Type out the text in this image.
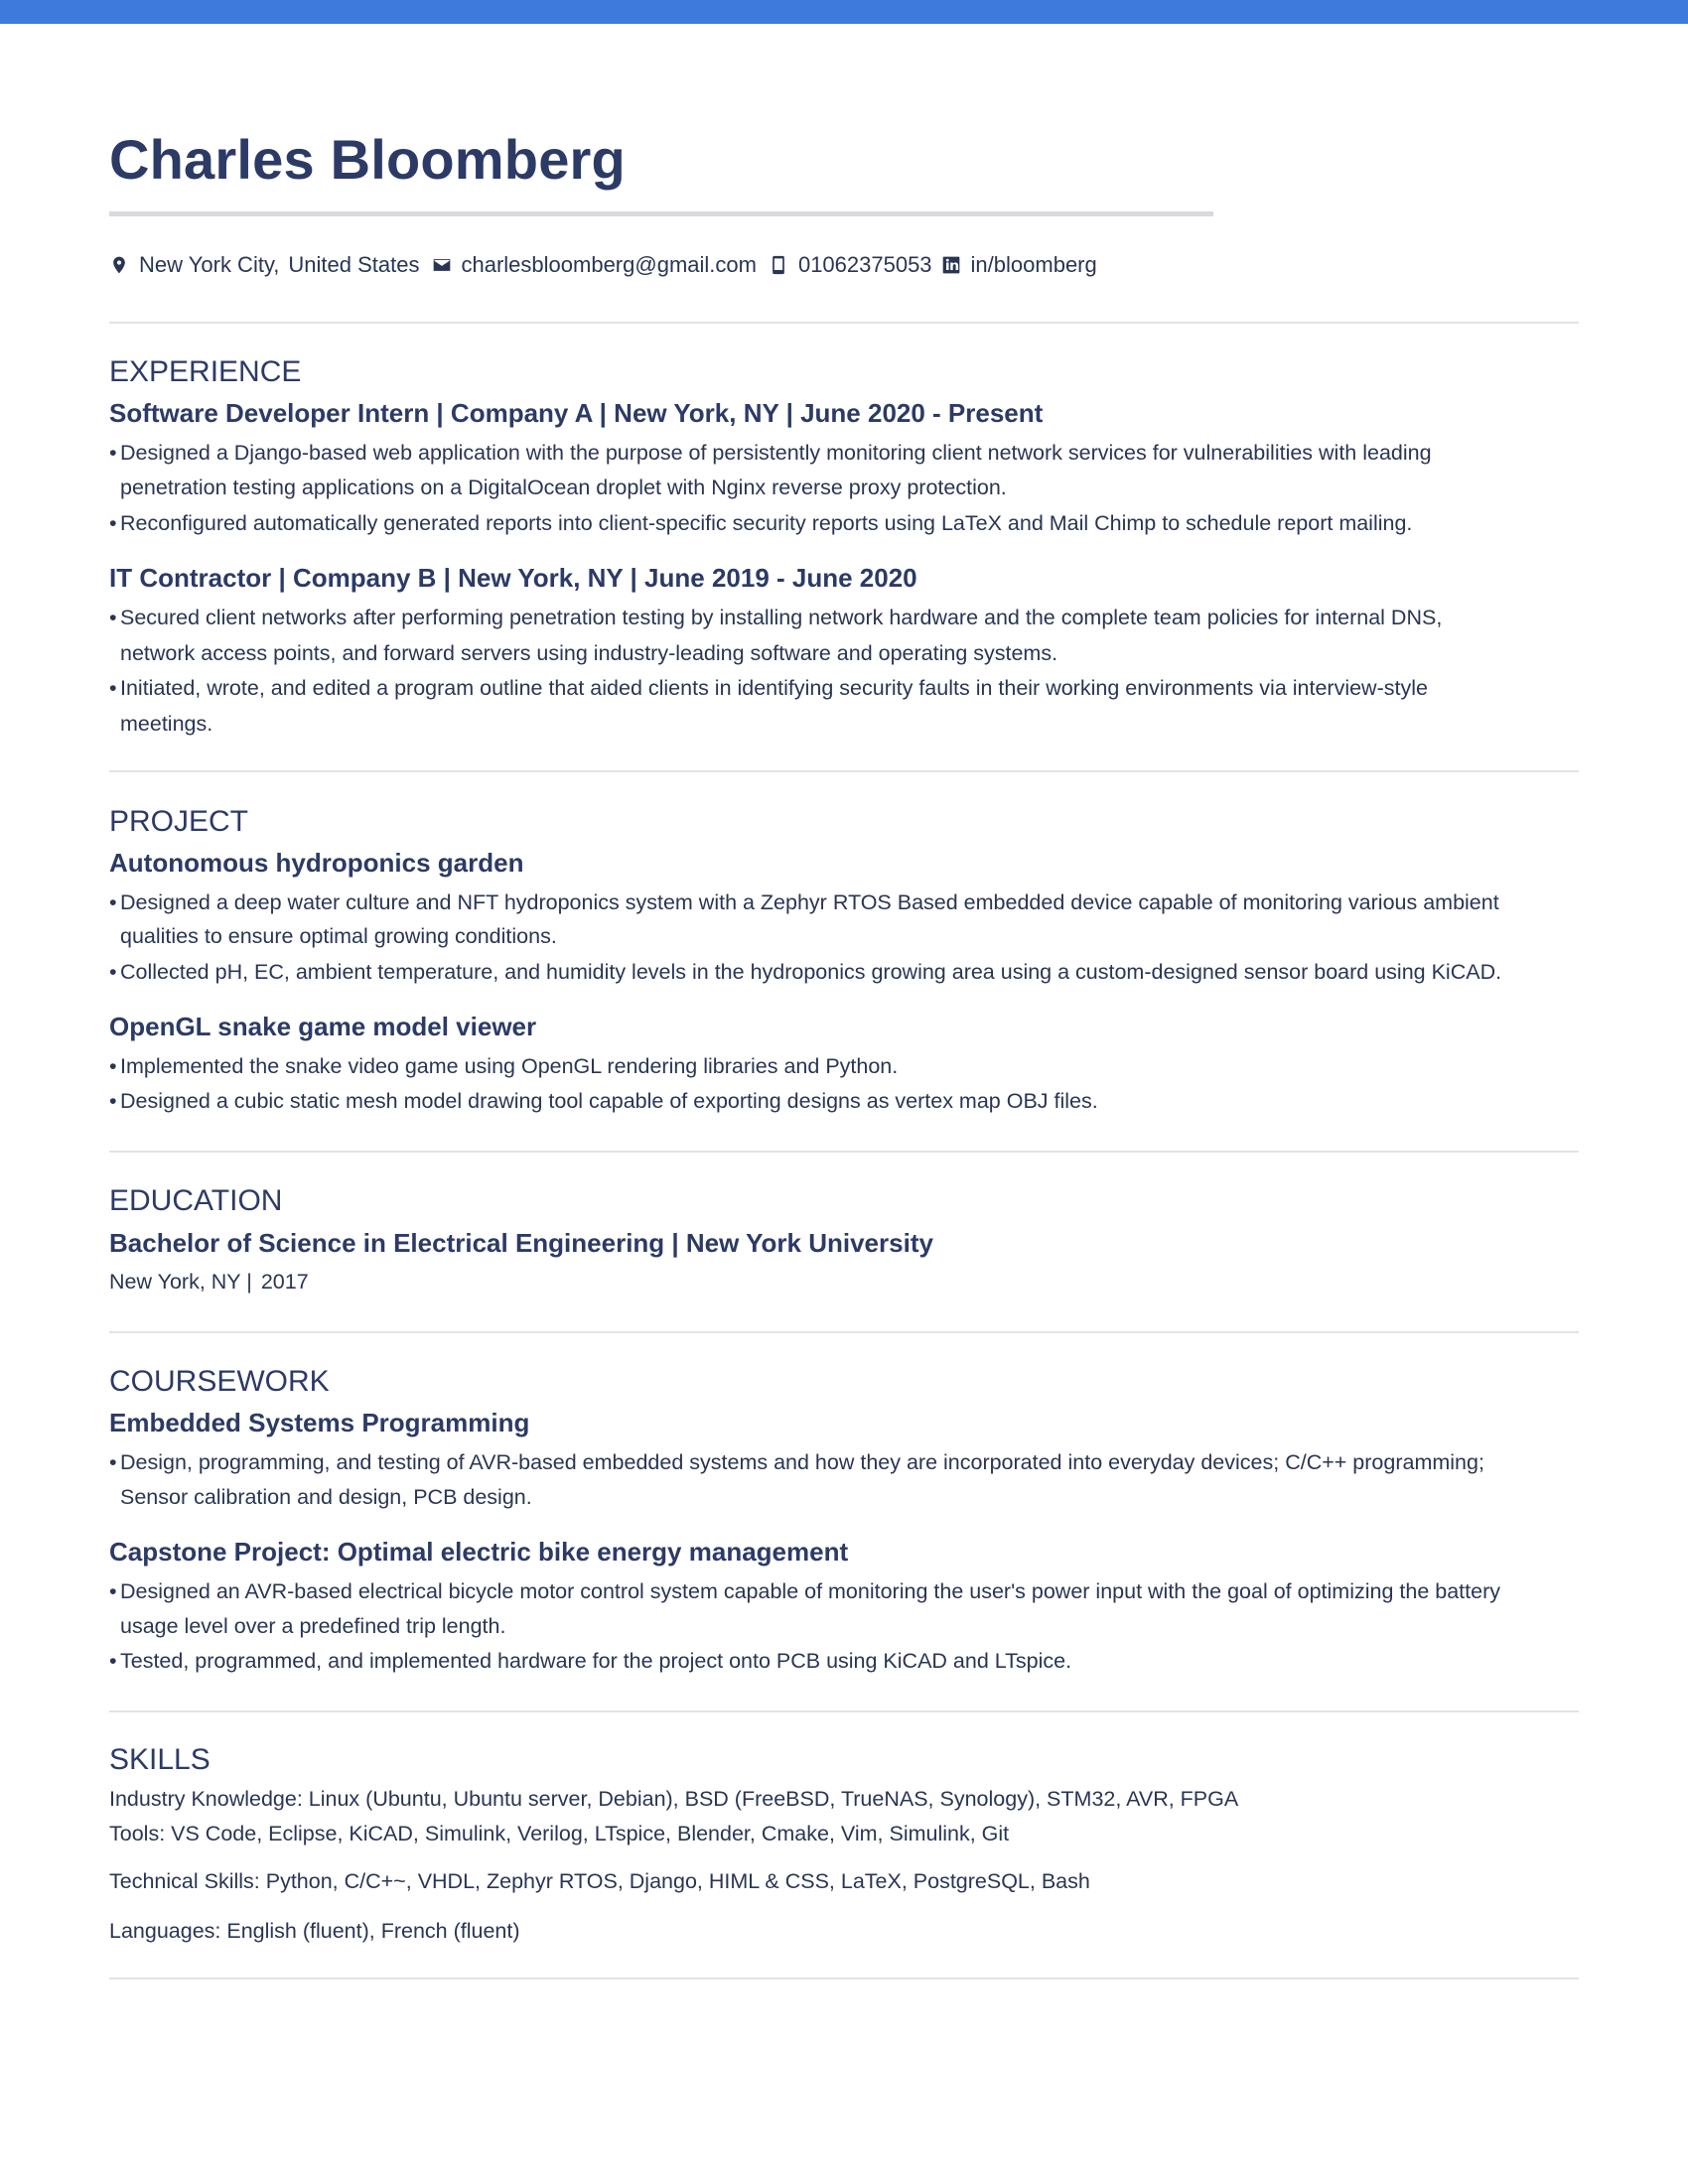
Charles Bloomberg
New York City, United States charlesbloomberg@gmail.com 01062375053 in/bloomberg
EXPERIENCE
Software Developer Intern | Company A | New York, NY | June 2020 - Present
• Designed a Django-based web application with the purpose of persistently monitoring client network services for vulnerabilities with leading
penetration testing applications on a DigitalOcean droplet with Nginx reverse proxy protection.
• Reconfigured automatically generated reports into client-specific security reports using LaTeX and Mail Chimp to schedule report mailing.
IT Contractor | Company B | New York, NY | June 2019 - June 2020
• Secured client networks after performing penetration testing by installing network hardware and the complete team policies for internal DNS,
network access points, and forward servers using industry-leading software and operating systems.
• Initiated, wrote, and edited a program outline that aided clients in identifying security faults in their working environments via interview-style
meetings.
PROJECT
Autonomous hydroponics garden
• Designed a deep water culture and NFT hydroponics system with a Zephyr RTOS Based embedded device capable of monitoring various ambient
qualities to ensure optimal growing conditions.
• Collected pH, EC, ambient temperature, and humidity levels in the hydroponics growing area using a custom-designed sensor board using KiCAD.
OpenGL snake game model viewer
• Implemented the snake video game using OpenGL rendering libraries and Python.
• Designed a cubic static mesh model drawing tool capable of exporting designs as vertex map OBJ files.
EDUCATION
Bachelor of Science in Electrical Engineering | New York University
New York, NY | 2017
COURSEWORK
Embedded Systems Programming
• Design, programming, and testing of AVR-based embedded systems and how they are incorporated into everyday devices; C/C++ programming;
Sensor calibration and design, PCB design.
Capstone Project: Optimal electric bike energy management
• Designed an AVR-based electrical bicycle motor control system capable of monitoring the user's power input with the goal of optimizing the battery
usage level over a predefined trip length.
• Tested, programmed, and implemented hardware for the project onto PCB using KiCAD and LTspice.
SKILLS
Industry Knowledge: Linux (Ubuntu, Ubuntu server, Debian), BSD (FreeBSD, TrueNAS, Synology), STM32, AVR, FPGA
Tools: VS Code, Eclipse, KiCAD, Simulink, Verilog, LTspice, Blender, Cmake, Vim, Simulink, Git
Technical Skills: Python, C/C+~, VHDL, Zephyr RTOS, Django, HIML & CSS, LaTeX, PostgreSQL, Bash
Languages: English (fluent), French (fluent)
